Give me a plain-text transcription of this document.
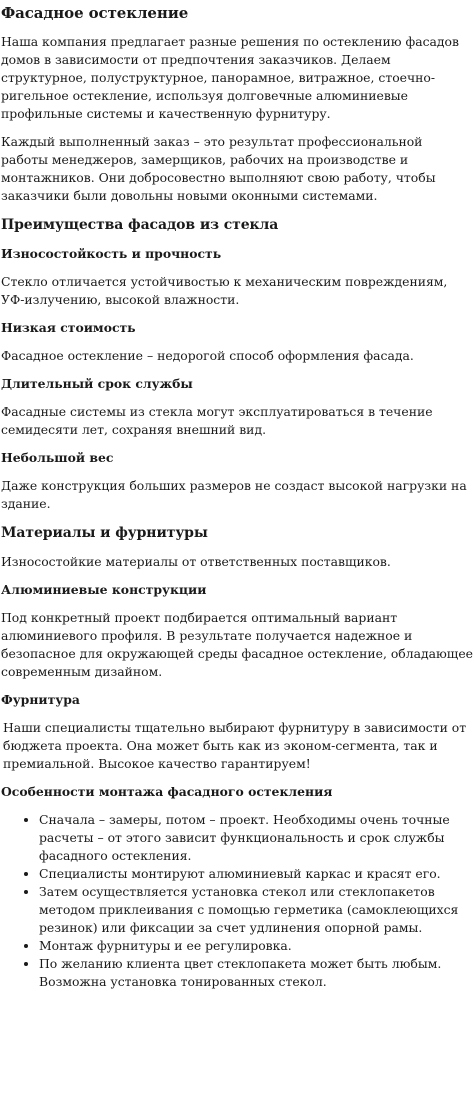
Фасадное остекление

Наша компания предлагает разные решения по остеклению фасадов домов в зависимости от предпочтения заказчиков. Делаем структурное, полуструктурное, панорамное, витражное, стоечно-ригельное остекление, используя долговечные алюминиевые профильные системы и качественную фурнитуру.

Каждый выполненный заказ – это результат профессиональной работы менеджеров, замерщиков, рабочих на производстве и монтажников. Они добросовестно выполняют свою работу, чтобы заказчики были довольны новыми оконными системами.

Преимущества фасадов из стекла
Износостойкость и прочность

Стекло отличается устойчивостью к механическим повреждениям, УФ-излучению, высокой влажности.

Низкая стоимость

Фасадное остекление – недорогой способ оформления фасада.

Длительный срок службы

Фасадные системы из стекла могут эксплуатироваться в течение семидесяти лет, сохраняя внешний вид.

Небольшой вес

Даже конструкция больших размеров не создаст высокой нагрузки на здание.

Материалы и фурнитуры

Износостойкие материалы от ответственных поставщиков.

Алюминиевые конструкции

Под конкретный проект подбирается оптимальный вариант алюминиевого профиля. В результате получается надежное и безопасное для окружающей среды фасадное остекление, обладающее современным дизайном.

Фурнитура

Наши специалисты тщательно выбирают фурнитуру в зависимости от бюджета проекта. Она может быть как из эконом-сегмента, так и премиальной. Высокое качество гарантируем!

Особенности монтажа фасадного остекления
• Сначала – замеры, потом – проект. Необходимы очень точные расчеты – от этого зависит функциональность и срок службы фасадного остекления.
• Специалисты монтируют алюминиевый каркас и красят его.
• Затем осуществляется установка стекол или стеклопакетов методом приклеивания с помощью герметика (самоклеющихся резинок) или фиксации за счет удлинения опорной рамы.
• Монтаж фурнитуры и ее регулировка.
• По желанию клиента цвет стеклопакета может быть любым. Возможна установка тонированных стекол.
